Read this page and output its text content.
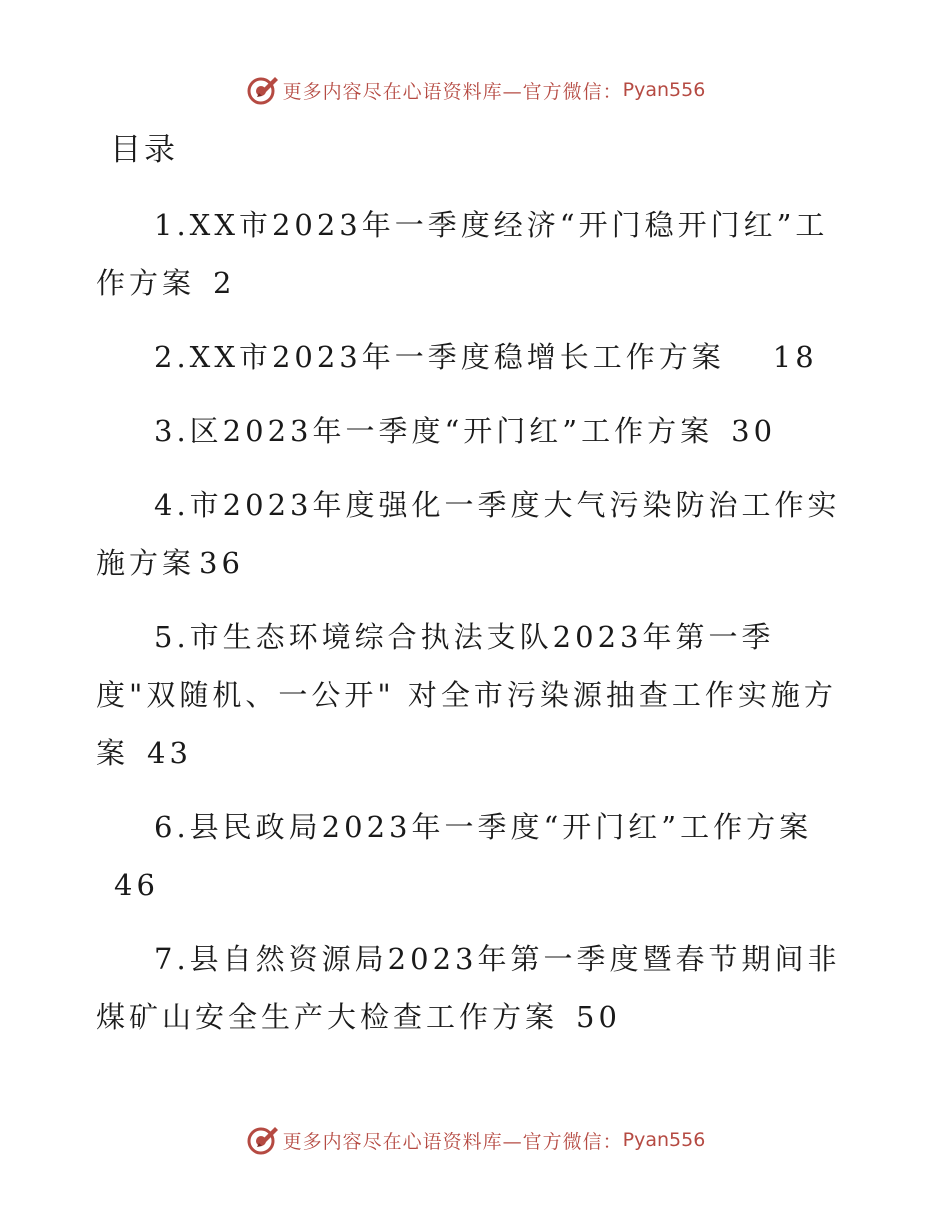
更多内容尽在心语资料库—官方微信： Pyan556
目录
1.XX市2023年一季度经济“开门稳开门红”工作方案 2
2.XX市2023年一季度稳增长工作方案 18
3.区2023年一季度“开门红”工作方案 30
4.市2023年度强化一季度大气污染防治工作实施方案 36
5.市生态环境综合执法支队2023年第一季度"双随机、一公开" 对全市污染源抽查工作实施方案 43
6.县民政局2023年一季度“开门红”工作方案46
7.县自然资源局2023年第一季度暨春节期间非煤矿山安全生产大检查工作方案 50
更多内容尽在心语资料库—官方微信： Pyan556
